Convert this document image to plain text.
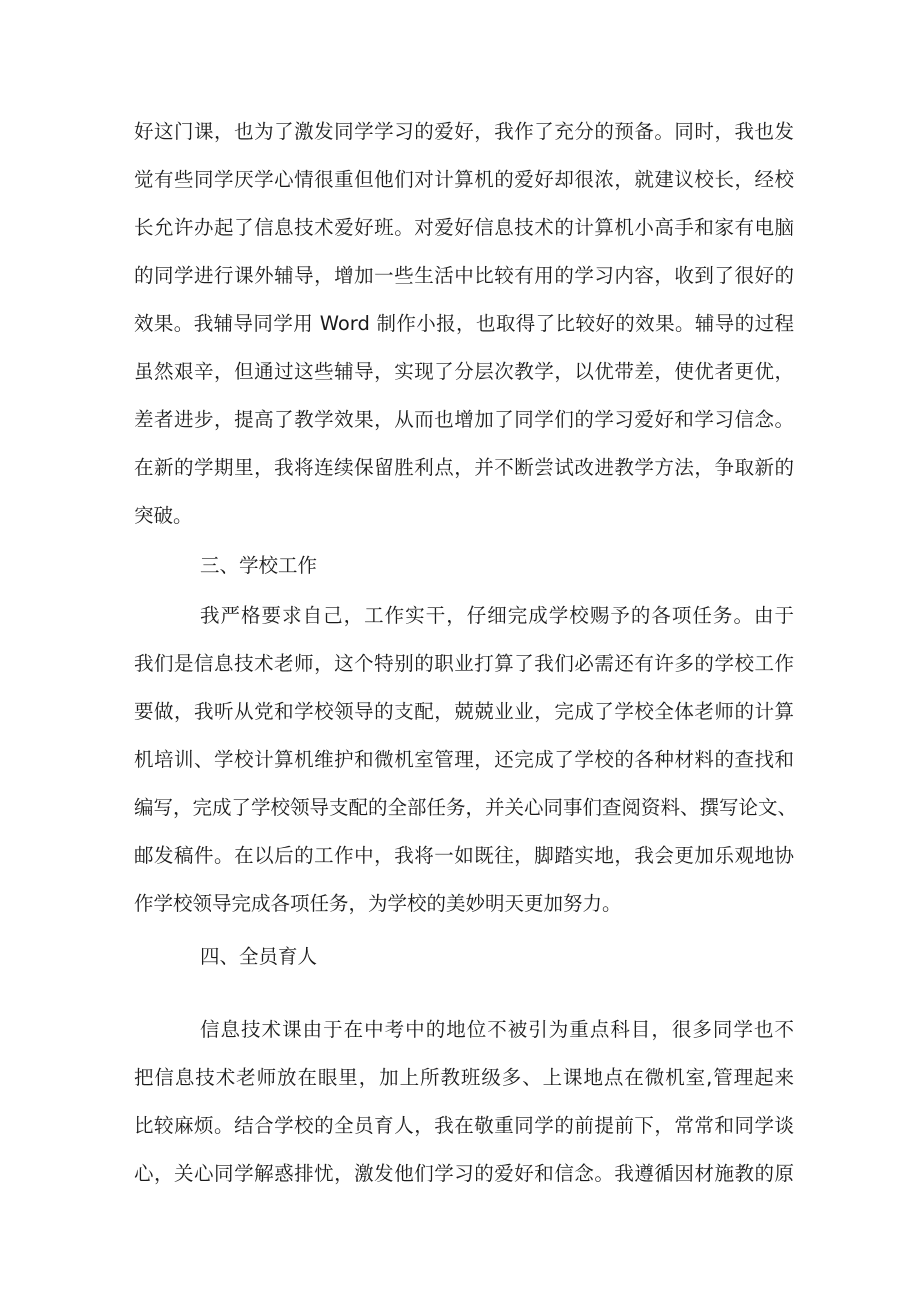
好这门课，也为了激发同学学习的爱好，我作了充分的预备。同时，我也发
觉有些同学厌学心情很重但他们对计算机的爱好却很浓，就建议校长，经校
长允许办起了信息技术爱好班。对爱好信息技术的计算机小高手和家有电脑
的同学进行课外辅导，增加一些生活中比较有用的学习内容，收到了很好的
效果。我辅导同学用 Word 制作小报，也取得了比较好的效果。辅导的过程
虽然艰辛，但通过这些辅导，实现了分层次教学，以优带差，使优者更优，
差者进步，提高了教学效果，从而也增加了同学们的学习爱好和学习信念。
在新的学期里，我将连续保留胜利点，并不断尝试改进教学方法，争取新的
突破。
三、学校工作
我严格要求自己，工作实干，仔细完成学校赐予的各项任务。由于
我们是信息技术老师，这个特别的职业打算了我们必需还有许多的学校工作
要做，我听从党和学校领导的支配，兢兢业业，完成了学校全体老师的计算
机培训、学校计算机维护和微机室管理，还完成了学校的各种材料的查找和
编写，完成了学校领导支配的全部任务，并关心同事们查阅资料、撰写论文、
邮发稿件。在以后的工作中，我将一如既往，脚踏实地，我会更加乐观地协
作学校领导完成各项任务，为学校的美妙明天更加努力。
四、全员育人
信息技术课由于在中考中的地位不被引为重点科目，很多同学也不
把信息技术老师放在眼里，加上所教班级多、上课地点在微机室,管理起来
比较麻烦。结合学校的全员育人，我在敬重同学的前提前下，常常和同学谈
心，关心同学解惑排忧，激发他们学习的爱好和信念。我遵循因材施教的原
